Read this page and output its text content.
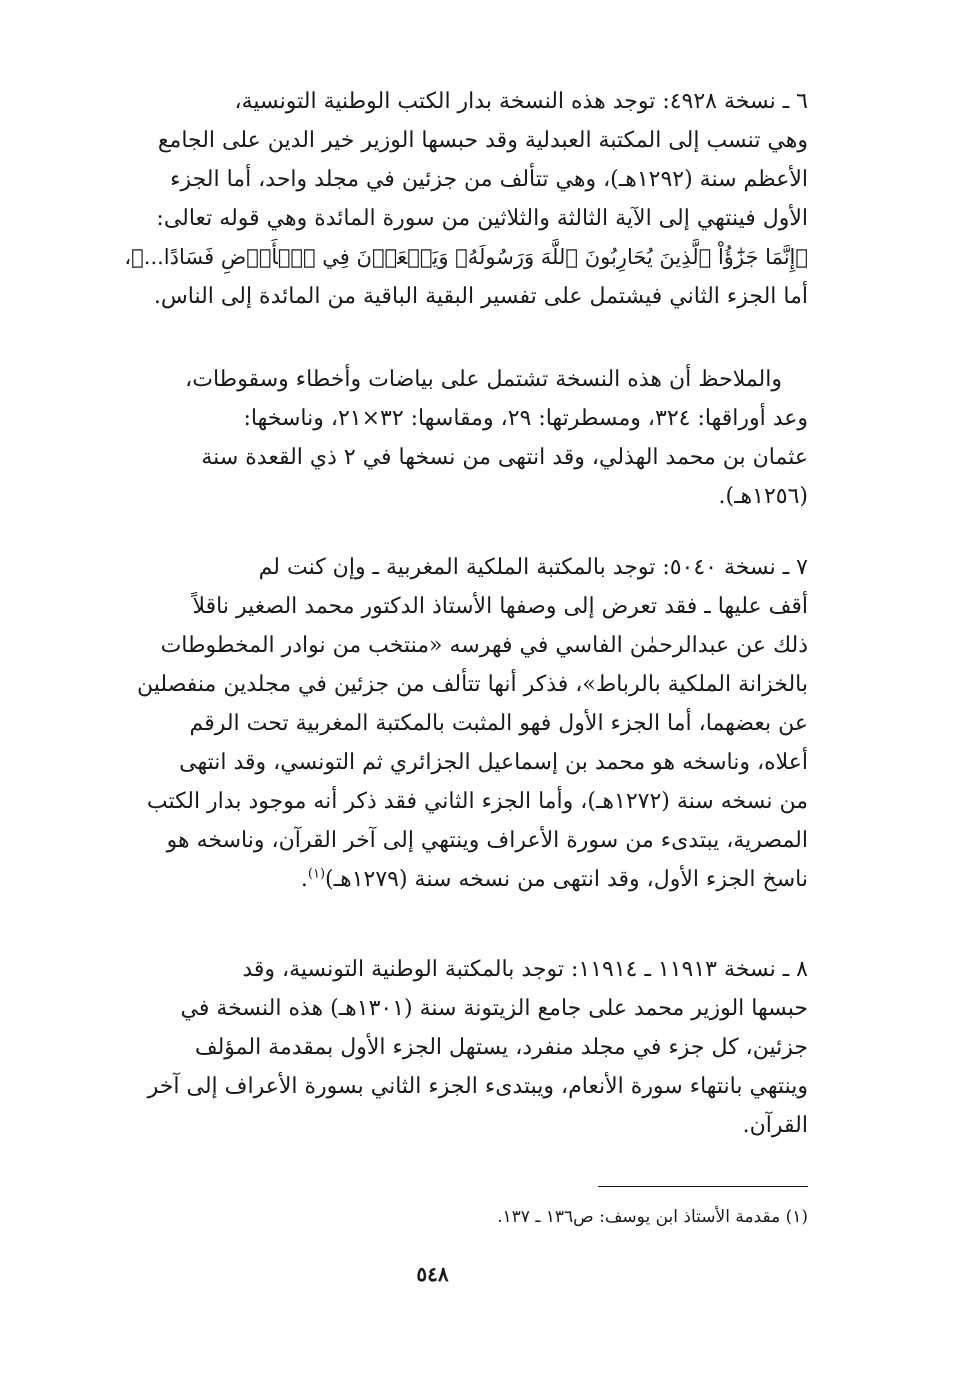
٦ ـ نسخة ٤٩٢٨: توجد هذه النسخة بدار الكتب الوطنية التونسية،

وهي تنسب إلى المكتبة العبدلية وقد حبسها الوزير خير الدين على الجامع

الأعظم سنة (١٢٩٢هـ)، وهي تتألف من جزئين في مجلد واحد، أما الجزء

الأول فينتهي إلى الآية الثالثة والثلاثين من سورة المائدة وهي قوله تعالى:

﴿إِنَّمَا جَزَٰٓؤُاْ ٱلَّذِينَ يُحَارِبُونَ ٱللَّهَ وَرَسُولَهُۥ وَيَسۡعَوۡنَ فِي ٱلۡأَرۡضِ فَسَادًا...﴾،

أما الجزء الثاني فيشتمل على تفسير البقية الباقية من المائدة إلى الناس.

والملاحظ أن هذه النسخة تشتمل على بياضات وأخطاء وسقوطات،

وعد أوراقها: ٣٢٤، ومسطرتها: ٢٩، ومقاسها: ٣٢×٢١، وناسخها:

عثمان بن محمد الهذلي، وقد انتهى من نسخها في ٢ ذي القعدة سنة

(١٢٥٦هـ).

٧ ـ نسخة ٥٠٤٠: توجد بالمكتبة الملكية المغربية ـ وإن كنت لم

أقف عليها ـ فقد تعرض إلى وصفها الأستاذ الدكتور محمد الصغير ناقلاً

ذلك عن عبدالرحمٰن الفاسي في فهرسه «منتخب من نوادر المخطوطات

بالخزانة الملكية بالرباط»، فذكر أنها تتألف من جزئين في مجلدين منفصلين

عن بعضهما، أما الجزء الأول فهو المثبت بالمكتبة المغربية تحت الرقم

أعلاه، وناسخه هو محمد بن إسماعيل الجزائري ثم التونسي، وقد انتهى

من نسخه سنة (١٢٧٢هـ)، وأما الجزء الثاني فقد ذكر أنه موجود بدار الكتب

المصرية، يبتدىء من سورة الأعراف وينتهي إلى آخر القرآن، وناسخه هو

ناسخ الجزء الأول، وقد انتهى من نسخه سنة (١٢٧٩هـ)$^{(١)}$.

٨ ـ نسخة ١١٩١٣ ـ ١١٩١٤: توجد بالمكتبة الوطنية التونسية، وقد

حبسها الوزير محمد على جامع الزيتونة سنة (١٣٠١هـ) هذه النسخة في

جزئين، كل جزء في مجلد منفرد، يستهل الجزء الأول بمقدمة المؤلف

وينتهي بانتهاء سورة الأنعام، ويبتدىء الجزء الثاني بسورة الأعراف إلى آخر

القرآن.

(١) مقدمة الأستاذ ابن يوسف: ص١٣٦ ـ ١٣٧.
٥٤٨
